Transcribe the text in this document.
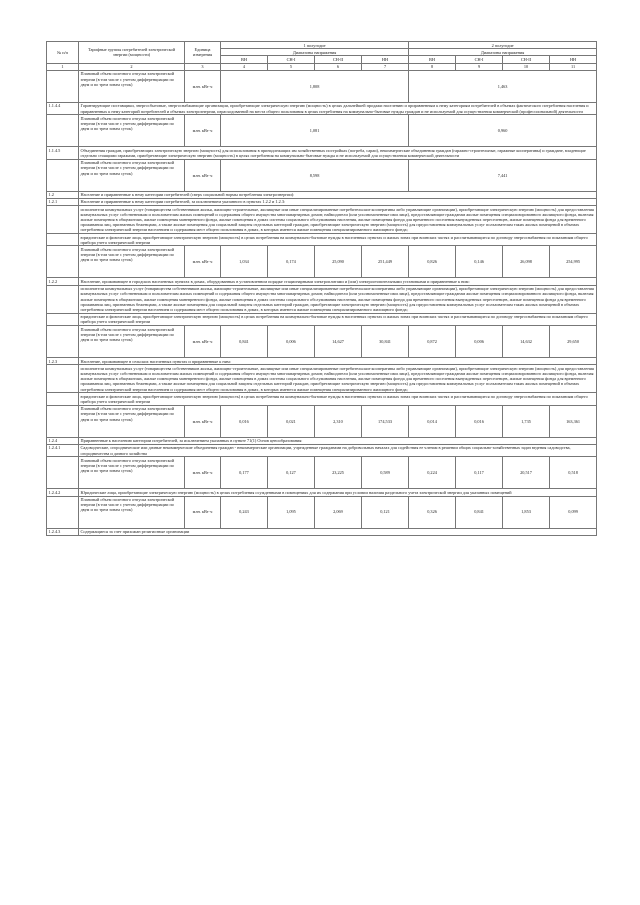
№ п/п	Тарифные группы потребителей электрической энергии (мощности)	Единица измерения	1 полугодие				2 полугодие			
			Диапазоны напряжения				Диапазоны напряжения			
			ВН	СН-I	СН-II	НН	ВН	СН-I	СН-II	НН
1	2	3	4	5	6	7	8	9	10	11
	Плановый объем полезного отпуска электрической энергии (в том числе с учетом дифференциации по двум и по трем зонам суток)	млн. кВт·ч	1,808				1,463			
1.1.4.4	Гарантирующие поставщики, энергосбытовые, энергоснабжающие организации, приобретающие электрическую энергию (мощность) в целях дальнейшей продажи населению и приравненным к нему категориям потребителей в объемах фактического потребления населения и приравненных к нему категорий потребителей и объемах электроэнергии, израсходованной на места общего пользования в целях потребления на коммунально-бытовые нужды граждан и не используемой для осуществления коммерческой (профессиональной) деятельности									
	Плановый объем полезного отпуска электрической энергии (в том числе с учетом дифференциации по двум и по трем зонам суток)	млн. кВт·ч	1,081				0,960			
1.1.4.5	Объединения граждан, приобретающих электрическую энергию (мощность) для использования в принадлежащих им хозяйственных постройках (погреба, сараи), некоммерческие объединения граждан (гаражно-строительные, гаражные кооперативы) и граждане, владеющие отдельно стоящими гаражами, приобретающие электрическую энергию (мощность) в целях потребления на коммунально-бытовые нужды и не используемой для осуществления коммерческой деятельности									
	Плановый объем полезного отпуска электрической энергии (в том числе с учетом дифференциации по двум и по трем зонам суток)	млн. кВт·ч	8,598				7,441			
1.2	Население и приравненные к нему категории потребителей (сверх социальной нормы потребления электроэнергии):									
1.2.1	Население и приравненные к нему категории потребителей, за исключением указанного в пунктах 1.2.2 и 1.2.3:									
	исполнители коммунальных услуг (товарищества собственников жилья, жилищно-строительные, жилищные или иные специализированные потребительские кооперативы либо управляющие организации), приобретающие электрическую энергию (мощность) для предоставления коммунальных услуг собственникам и пользователям жилых помещений и содержания общего имущества многоквартирных домов; наймодатели (или уполномоченные ими лица), предоставляющие гражданам жилые помещения специализированного жилищного фонда, включая жилые помещения в общежитиях, жилые помещения маневренного фонда, жилые помещения в домах системы социального обслуживания населения, жилые помещения фонда для временного поселения вынужденных переселенцев, жилые помещения фонда для временного проживания лиц, признанных беженцами, а также жилые помещения для социальной защиты отдельных категорий граждан, приобретающие электрическую энергию (мощность) для предоставления коммунальных услуг пользователям таких жилых помещений в объемах потребления электрической энергии населением и содержания мест общего пользования в домах, в которых имеются жилые помещения специализированного жилищного фонда;									
	юридические и физические лица, приобретающие электрическую энергию (мощность) в целях потребления на коммунально-бытовые нужды в населенных пунктах и жилых зонах при воинских частях и рассчитывающиеся по договору энергоснабжения по показаниям общего прибора учета электрической энергии									
	Плановый объем полезного отпуска электрической энергии (в том числе с учетом дифференциации по двум и по трем зонам суток)	млн. кВт·ч	1,034	0,174	25,090	251,449	0,826	0,146	26,098	254,995
1.2.2	Население, проживающее в городских населенных пунктах в домах, оборудованных в установленном порядке стационарными электроплитами и (или) электроотопительными установками и приравненные к ним:									
	исполнители коммунальных услуг (товарищества собственников жилья, жилищно-строительные, жилищные или иные специализированные потребительские кооперативы либо управляющие организации), приобретающие электрическую энергию (мощность) для предоставления коммунальных услуг собственникам и пользователям жилых помещений и содержания общего имущества многоквартирных домов; наймодатели (или уполномоченные ими лица), предоставляющие гражданам жилые помещения специализированного жилищного фонда, включая жилые помещения в общежитиях, жилые помещения маневренного фонда, жилые помещения в домах системы социального обслуживания населения, жилые помещения фонда для временного поселения вынужденных переселенцев, жилые помещения фонда для временного проживания лиц, признанных беженцами, а также жилые помещения для социальной защиты отдельных категорий граждан, приобретающие электрическую энергию (мощность) для предоставления коммунальных услуг пользователям таких жилых помещений в объемах потребления электрической энергии населением и содержания мест общего пользования в домах, в которых имеются жилые помещения специализированного жилищного фонда;									
	юридические и физические лица, приобретающие электрическую энергию (мощность) в целях потребления на коммунально-бытовые нужды в населенных пунктах и жилых зонах при воинских частях и рассчитывающиеся по договору энергоснабжения по показаниям общего прибора учета электрической энергии									
	Плановый объем полезного отпуска электрической энергии (в том числе с учетом дифференциации по двум и по трем зонам суток)	млн. кВт·ч	0,841	0,006	14,627	30,841	0,872	0,006	14,632	29,650
1.2.3	Население, проживающее в сельских населенных пунктах и приравненные к ним:									
	исполнители коммунальных услуг (товарищества собственников жилья, жилищно-строительные, жилищные или иные специализированные потребительские кооперативы либо управляющие организации), приобретающие электрическую энергию (мощность) для предоставления коммунальных услуг собственникам и пользователям жилых помещений и содержания общего имущества многоквартирных домов; наймодатели (или уполномоченные ими лица), предоставляющие гражданам жилые помещения специализированного жилищного фонда, включая жилые помещения в общежитиях, жилые помещения маневренного фонда, жилые помещения в домах системы социального обслуживания населения, жилые помещения фонда для временного поселения вынужденных переселенцев, жилые помещения фонда для временного проживания лиц, признанных беженцами, а также жилые помещения для социальной защиты отдельных категорий граждан, приобретающие электрическую энергию (мощность) для предоставления коммунальных услуг пользователям таких жилых помещений в объемах потребления электрической энергии населением и содержания мест общего пользования в домах, в которых имеются жилые помещения специализированного жилищного фонда;									
	юридические и физические лица, приобретающие электрическую энергию (мощность) в целях потребления на коммунально-бытовые нужды в населенных пунктах и жилых зонах при воинских частях и рассчитывающиеся по договору энергоснабжения по показаниям общего прибора учета электрической энергии									
	Плановый объем полезного отпуска электрической энергии (в том числе с учетом дифференциации по двум и по трем зонам суток)	млн. кВт·ч	0,016	0,021	2,310	174,533	0,014	0,016	1,735	163,361
1.2.4	Приравненные к населению категории потребителей, за исключением указанных в пункте 71(1) Основ ценообразования:									
1.2.4.1	Садоводческие, огороднические или дачные некоммерческие объединения граждан - некоммерческие организации, учрежденные гражданами на добровольных началах для содействия ее членам в решении общих социально-хозяйственных задач ведения садоводства, огородничества и дачного хозяйства									
	Плановый объем полезного отпуска электрической энергии (в том числе с учетом дифференциации по двум и по трем зонам суток)	млн. кВт·ч	0,177	0,127	23,225	0,589	0,224	0,117	20,517	0,518
1.2.4.2	Юридические лица, приобретающие электрическую энергию (мощность) в целях потребления осужденными в помещениях для их содержания при условии наличия раздельного учета электрической энергии для указанных помещений									
	Плановый объем полезного отпуска электрической энергии (в том числе с учетом дифференциации по двум и по трем зонам суток)	млн. кВт·ч	0,243	1,095	2,069	0,121	0,326	0,841	1,853	0,099
1.2.4.3	Содержащиеся за счет прихожан религиозные организации									
